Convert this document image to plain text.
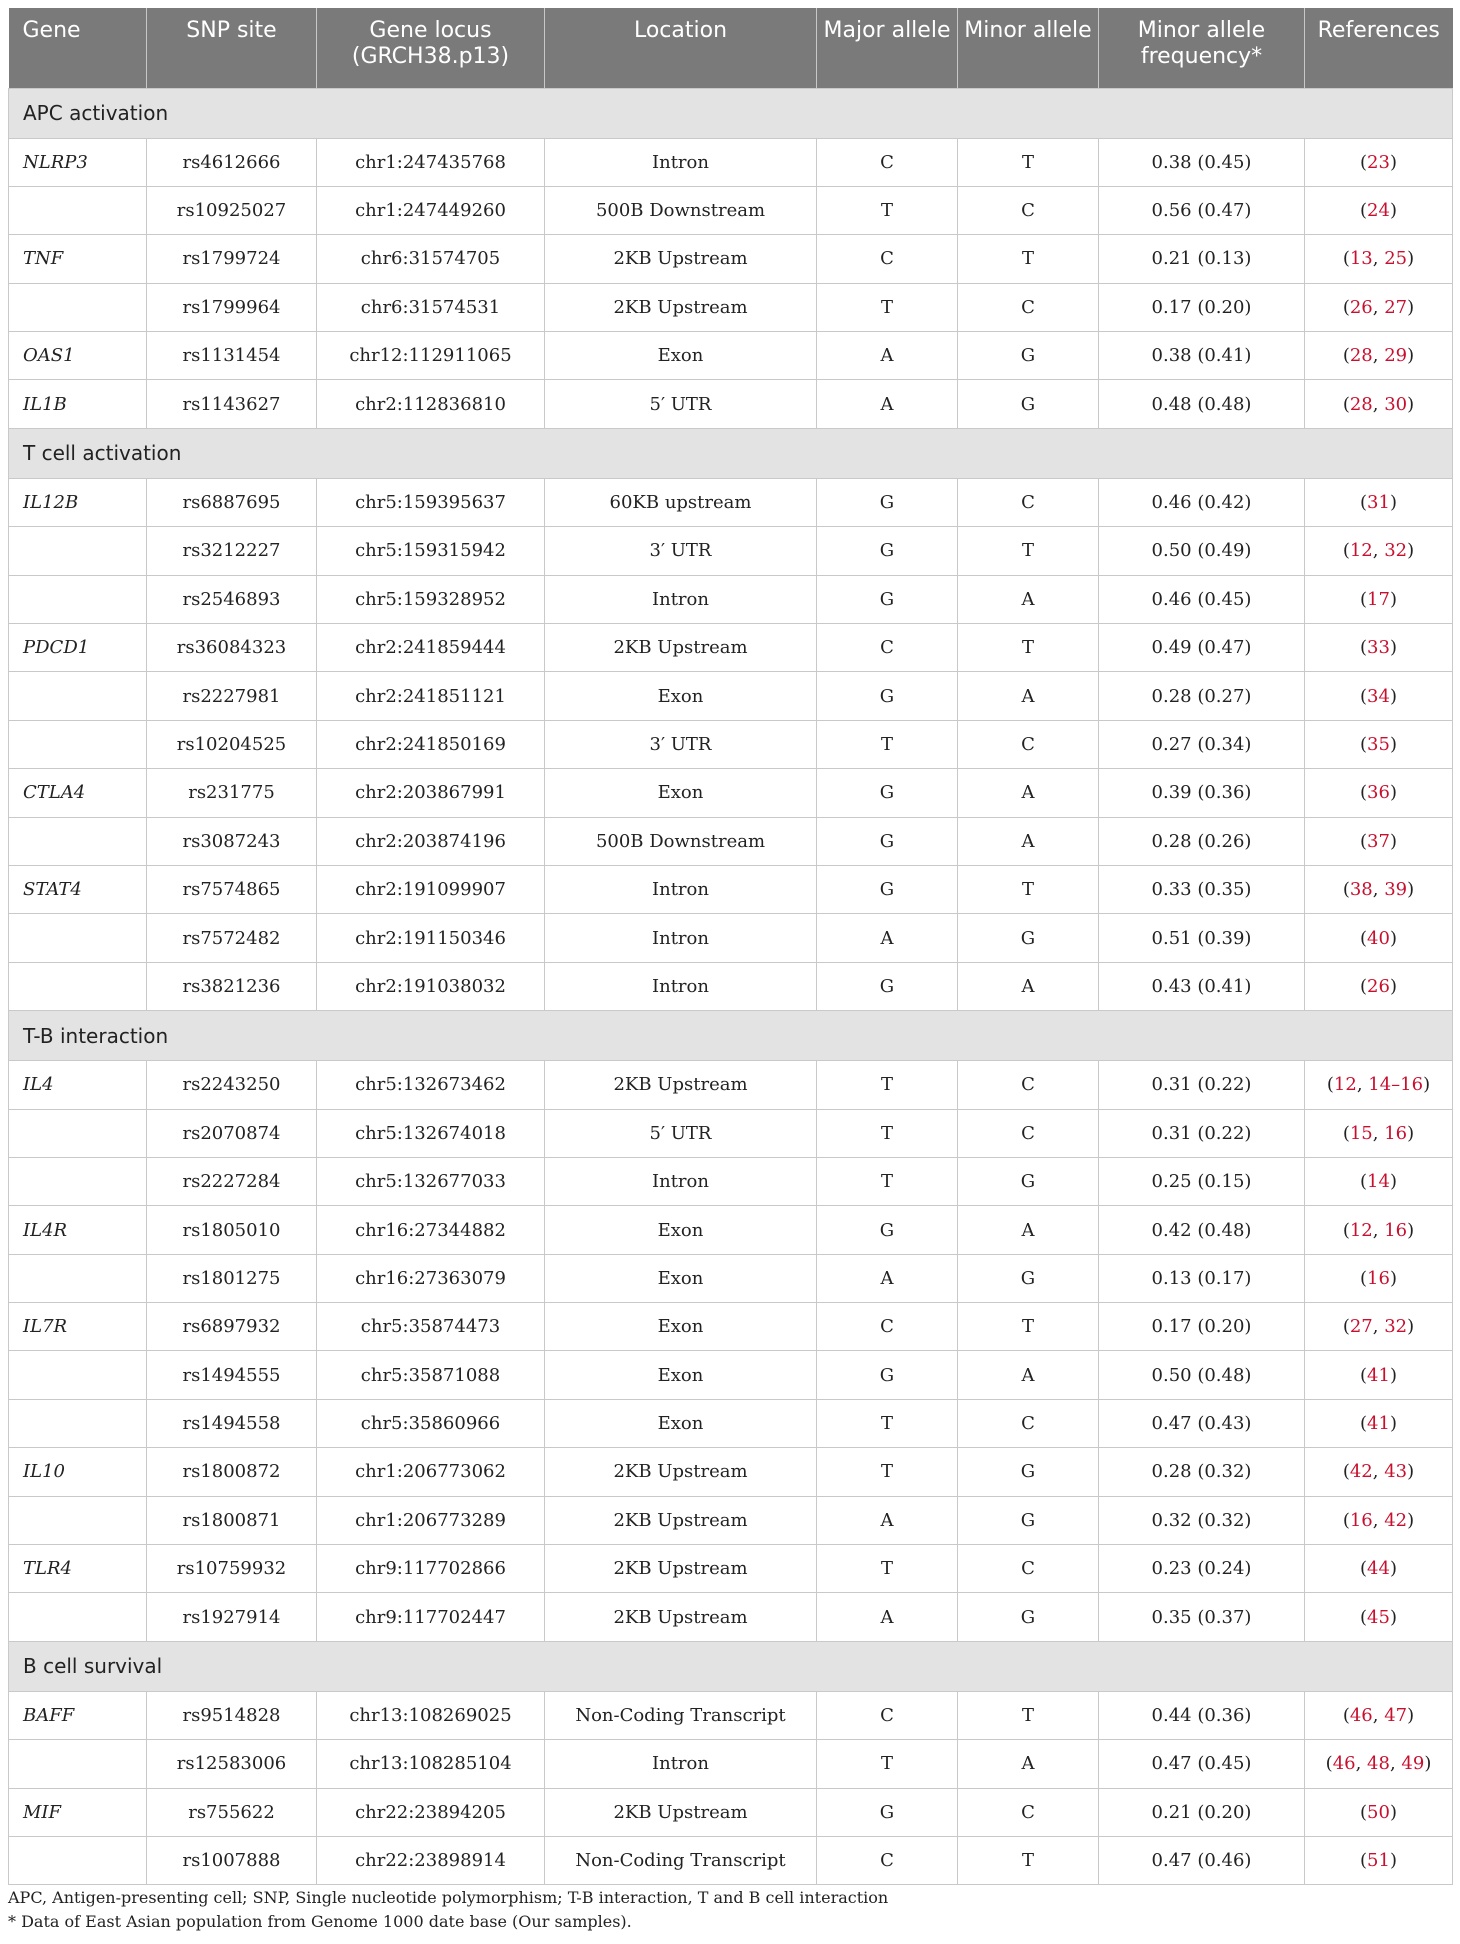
Gene	SNP site	Gene locus (GRCH38.p13)	Location	Major allele	Minor allele	Minor allele frequency*	References
APC activation							
NLRP3	rs4612666	chr1:247435768	Intron	C	T	0.38 (0.45)	(23)
	rs10925027	chr1:247449260	500B Downstream	T	C	0.56 (0.47)	(24)
TNF	rs1799724	chr6:31574705	2KB Upstream	C	T	0.21 (0.13)	(13, 25)
	rs1799964	chr6:31574531	2KB Upstream	T	C	0.17 (0.20)	(26, 27)
OAS1	rs1131454	chr12:112911065	Exon	A	G	0.38 (0.41)	(28, 29)
IL1B	rs1143627	chr2:112836810	5′ UTR	A	G	0.48 (0.48)	(28, 30)
T cell activation							
IL12B	rs6887695	chr5:159395637	60KB upstream	G	C	0.46 (0.42)	(31)
	rs3212227	chr5:159315942	3′ UTR	G	T	0.50 (0.49)	(12, 32)
	rs2546893	chr5:159328952	Intron	G	A	0.46 (0.45)	(17)
PDCD1	rs36084323	chr2:241859444	2KB Upstream	C	T	0.49 (0.47)	(33)
	rs2227981	chr2:241851121	Exon	G	A	0.28 (0.27)	(34)
	rs10204525	chr2:241850169	3′ UTR	T	C	0.27 (0.34)	(35)
CTLA4	rs231775	chr2:203867991	Exon	G	A	0.39 (0.36)	(36)
	rs3087243	chr2:203874196	500B Downstream	G	A	0.28 (0.26)	(37)
STAT4	rs7574865	chr2:191099907	Intron	G	T	0.33 (0.35)	(38, 39)
	rs7572482	chr2:191150346	Intron	A	G	0.51 (0.39)	(40)
	rs3821236	chr2:191038032	Intron	G	A	0.43 (0.41)	(26)
T-B interaction							
IL4	rs2243250	chr5:132673462	2KB Upstream	T	C	0.31 (0.22)	(12, 14–16)
	rs2070874	chr5:132674018	5′ UTR	T	C	0.31 (0.22)	(15, 16)
	rs2227284	chr5:132677033	Intron	T	G	0.25 (0.15)	(14)
IL4R	rs1805010	chr16:27344882	Exon	G	A	0.42 (0.48)	(12, 16)
	rs1801275	chr16:27363079	Exon	A	G	0.13 (0.17)	(16)
IL7R	rs6897932	chr5:35874473	Exon	C	T	0.17 (0.20)	(27, 32)
	rs1494555	chr5:35871088	Exon	G	A	0.50 (0.48)	(41)
	rs1494558	chr5:35860966	Exon	T	C	0.47 (0.43)	(41)
IL10	rs1800872	chr1:206773062	2KB Upstream	T	G	0.28 (0.32)	(42, 43)
	rs1800871	chr1:206773289	2KB Upstream	A	G	0.32 (0.32)	(16, 42)
TLR4	rs10759932	chr9:117702866	2KB Upstream	T	C	0.23 (0.24)	(44)
	rs1927914	chr9:117702447	2KB Upstream	A	G	0.35 (0.37)	(45)
B cell survival							
BAFF	rs9514828	chr13:108269025	Non-Coding Transcript	C	T	0.44 (0.36)	(46, 47)
	rs12583006	chr13:108285104	Intron	T	A	0.47 (0.45)	(46, 48, 49)
MIF	rs755622	chr22:23894205	2KB Upstream	G	C	0.21 (0.20)	(50)
	rs1007888	chr22:23898914	Non-Coding Transcript	C	T	0.47 (0.46)	(51)
APC, Antigen-presenting cell; SNP, Single nucleotide polymorphism; T-B interaction, T and B cell interaction
* Data of East Asian population from Genome 1000 date base (Our samples).
